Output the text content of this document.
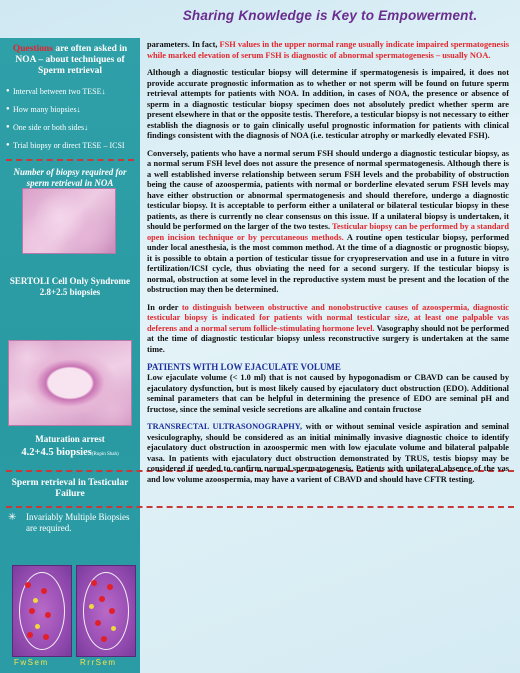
Sharing Knowledge is Key to Empowerment.
Questions are often asked in NOA – about techniques of Sperm retrieval
● Interval between two TESE↓
● How many biopsies↓
● One side or both sides↓
● Trial biopsy or direct TESE – ICSI
Number of biopsy required for sperm retrieval in NOA
SERTOLI Cell Only Syndrome
2.8+2.5 biopsies
Maturation arrest
4.2+4.5 biopsies(Rupin Shah)
Sperm retrieval in Testicular Failure
✳	Invariably Multiple Biopsies are required.
FwSem	RrrSem

parameters. In fact, FSH values in the upper normal range usually indicate impaired spermatogenesis while marked elevation of serum FSH is diagnostic of abnormal spermatogenesis – usually NOA.

Although a diagnostic testicular biopsy will determine if spermatogenesis is impaired, it does not provide accurate prognostic information as to whether or not sperm will be found on future sperm retrieval attempts for patients with NOA. In addition, in cases of NOA, the presence or absence of sperm in a diagnostic testicular biopsy specimen does not absolutely predict whether sperm are present elsewhere in that or the opposite testis. Therefore, a testicular biopsy is not necessary to either establish the diagnosis or to gain clinically useful prognostic information for patients with clinical findings consistent with the diagnosis of NOA (i.e. testicular atrophy or markedly elevated FSH).

Conversely, patients who have a normal serum FSH should undergo a diagnostic testicular biopsy, as a normal serum FSH level does not assure the presence of normal spermatogenesis. Although there is a well established inverse relationship between serum FSH levels and the probability of obstruction being the cause of azoospermia, patients with normal or borderline elevated serum FSH levels may have either obstruction or abnormal spermatogenesis and should therefore, undergo a diagnostic testicular biopsy. It is acceptable to perform either a unilateral or bilateral testicular biopsy in these patients, as there is currently no clear consensus on this issue. If a unilateral biopsy is undertaken, it should be performed on the larger of the two testes. Testicular biopsy can be performed by a standard open incision technique or by percutaneous methods. A routine open testicular biopsy, performed under local anesthesia, is the most common method. At the time of a diagnostic or prognostic biopsy, it is possible to obtain a portion of testicular tissue for cryopreservation and use in a future in vitro fertilization/ICSI cycle, thus obviating the need for a second surgery. If the testicular biopsy is normal, obstruction at some level in the reproductive system must be present and the location of the obstruction may then be determined.

In order to distinguish between obstructive and nonobstructive causes of azoospermia, diagnostic testicular biopsy is indicated for patients with normal testicular size, at least one palpable vas deferens and a normal serum follicle-stimulating hormone level. Vasography should not be performed at the time of diagnostic testicular biopsy unless reconstructive surgery is undertaken at the same time.

PATIENTS WITH LOW EJACULATE VOLUME

Low ejaculate volume (< 1.0 ml) that is not caused by hypogonadism or CBAVD can be caused by ejaculatory dysfunction, but is most likely caused by ejaculatory duct obstruction (EDO). Additional seminal parameters that can be helpful in determining the presence of EDO are seminal pH and fructose, since the seminal vesicle secretions are alkaline and contain fructose

TRANSRECTAL ULTRASONOGRAPHY, with or without seminal vesicle aspiration and seminal vesiculography, should be considered as an initial minimally invasive diagnostic choice to identify ejaculatory duct obstruction in azoospermic men with low ejaculate volume and bilateral palpable vasa. In patients with ejaculatory duct obstruction demonstrated by TRUS, testis biopsy may be considered if needed to confirm normal spermatogenesis. Patients with unilateral absence of the vas and low volume azoospermia, may have a varient of CBAVD and should have CFTR testing.
